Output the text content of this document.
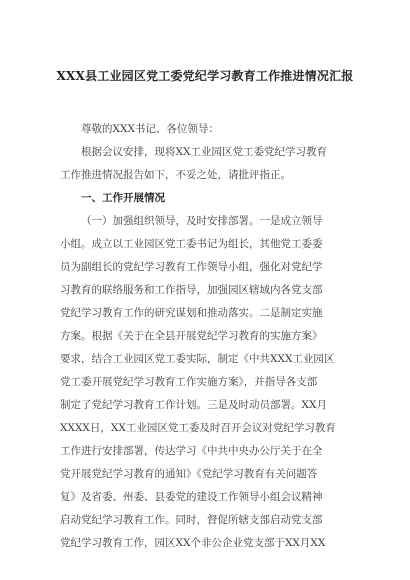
XXX县工业园区党工委党纪学习教育工作推进情况汇报
尊敬的XXX书记、各位领导：
根据会议安排，现将XX工业园区党工委党纪学习教育
工作推进情况报告如下，不妥之处，请批评指正。
一、工作开展情况
（一）加强组织领导，及时安排部署。一是成立领导
小组。成立以工业园区党工委书记为组长，其他党工委委
员为副组长的党纪学习教育工作领导小组，强化对党纪学
习教育的联络服务和工作指导，加强园区辖域内各党支部
党纪学习教育工作的研究谋划和推动落实。二是制定实施
方案。根据《关于在全县开展党纪学习教育的实施方案》
要求，结合工业园区党工委实际，制定《中共XXX工业园区
党工委开展党纪学习教育工作实施方案》，并指导各支部
制定了党纪学习教育工作计划。三是及时动员部署。XX月
XXXX日，XX工业园区党工委及时召开会议对党纪学习教育
工作进行安排部署，传达学习《中共中央办公厅关于在全
党开展党纪学习教育的通知》《党纪学习教育有关问题答
复》及省委、州委、县委党的建设工作领导小组会议精神
启动党纪学习教育工作。同时，督促所辖支部启动党支部
党纪学习教育工作，园区XX个非公企业党支部于XX月XX
